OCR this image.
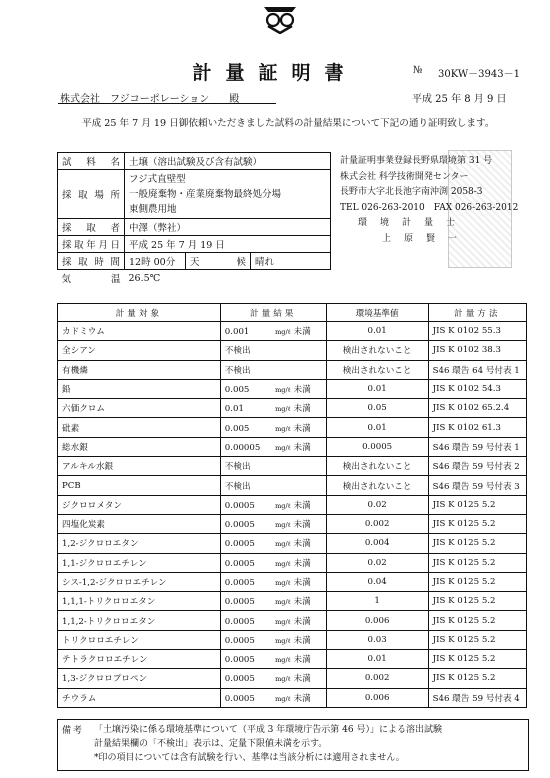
計量証明書	№ 30KW－3943－1
株式会社　フジコーポレーション　　殿	平成 25 年 8 月 9 日
平成 25 年 7 月 19 日御依頼いただきました試料の計量結果について下記の通り証明致します。
試　料　名	土壌（溶出試験及び含有試験）		
採取場所	フジ式直壁型
一般廃棄物・産業廃棄物最終処分場
東側農用地		

採　取　者	中澤（弊社）		
採取年月日	平成 25 年 7 月 19 日		
採取時間	12時 00分	天　　候	晴れ
気　　温	26.5℃		
計量証明事業登録長野県環境第 31 号
株式会社 科学技術開発センター
長野市大字北長池字南沖渕 2058-3
TEL 026-263-2010　FAX 026-263-2012
環　境　計　量　士
上　原　賢　一
計量対象	計量結果	環境基準値	計量方法
カドミウム	0.001 mg/ℓ 未満	0.01	JIS K 0102 55.3
全シアン	不検出	検出されないこと	JIS K 0102 38.3
有機燐	不検出	検出されないこと	S46 環告 64 号付表 1
鉛	0.005 mg/ℓ 未満	0.01	JIS K 0102 54.3
六価クロム	0.01 mg/ℓ 未満	0.05	JIS K 0102 65.2.4
砒素	0.005 mg/ℓ 未満	0.01	JIS K 0102 61.3
総水銀	0.00005 mg/ℓ 未満	0.0005	S46 環告 59 号付表 1
アルキル水銀	不検出	検出されないこと	S46 環告 59 号付表 2
PCB	不検出	検出されないこと	S46 環告 59 号付表 3
ジクロロメタン	0.0005 mg/ℓ 未満	0.02	JIS K 0125 5.2
四塩化炭素	0.0005 mg/ℓ 未満	0.002	JIS K 0125 5.2
1,2-ジクロロエタン	0.0005 mg/ℓ 未満	0.004	JIS K 0125 5.2
1,1-ジクロロエチレン	0.0005 mg/ℓ 未満	0.02	JIS K 0125 5.2
シス-1,2-ジクロロエチレン	0.0005 mg/ℓ 未満	0.04	JIS K 0125 5.2
1,1,1-トリクロロエタン	0.0005 mg/ℓ 未満	1	JIS K 0125 5.2
1,1,2-トリクロロエタン	0.0005 mg/ℓ 未満	0.006	JIS K 0125 5.2
トリクロロエチレン	0.0005 mg/ℓ 未満	0.03	JIS K 0125 5.2
テトラクロロエチレン	0.0005 mg/ℓ 未満	0.01	JIS K 0125 5.2
1,3-ジクロロプロペン	0.0005 mg/ℓ 未満	0.002	JIS K 0125 5.2
チウラム	0.0005 mg/ℓ 未満	0.006	S46 環告 59 号付表 4
備考 「土壌汚染に係る環境基準について（平成 3 年環境庁告示第 46 号）」による溶出試験
計量結果欄の「不検出」表示は、定量下限値未満を示す。
*印の項目については含有試験を行い、基準は当該分析には適用されません。
